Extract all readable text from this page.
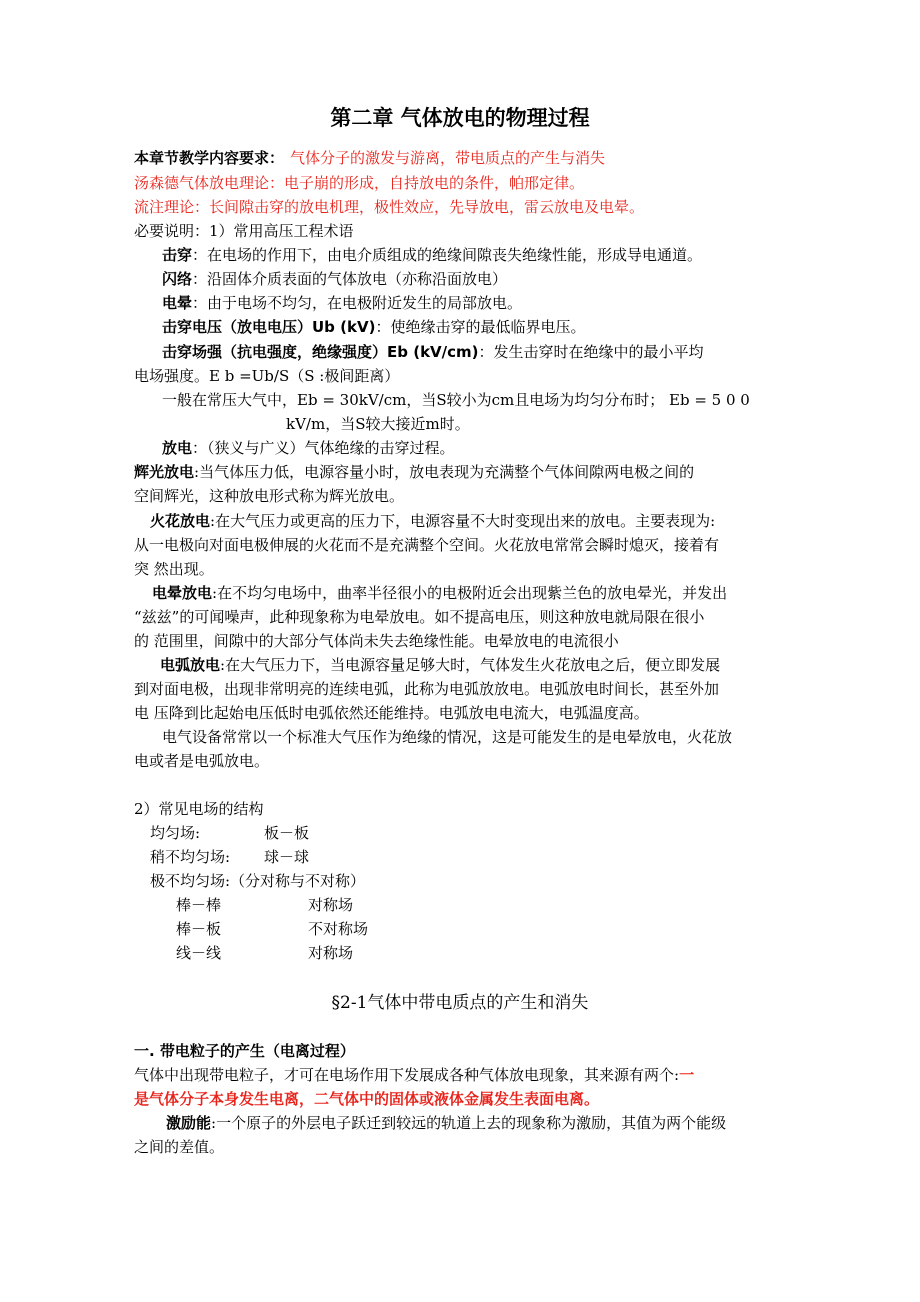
第二章 气体放电的物理过程
本章节教学内容要求： 气体分子的激发与游离，带电质点的产生与消失
汤森德气体放电理论：电子崩的形成，自持放电的条件，帕邢定律。
流注理论：长间隙击穿的放电机理，极性效应，先导放电，雷云放电及电晕。
必要说明：1）常用高压工程术语
击穿：在电场的作用下，由电介质组成的绝缘间隙丧失绝缘性能，形成导电通道。
闪络：沿固体介质表面的气体放电（亦称沿面放电）
电晕：由于电场不均匀，在电极附近发生的局部放电。
击穿电压（放电电压）Ub (kV)：使绝缘击穿的最低临界电压。
击穿场强（抗电强度，绝缘强度）Eb (kV/cm)：发生击穿时在绝缘中的最小平均
电场强度。E b =Ub/S（S :极间距离）
一般在常压大气中，Eb = 30kV/cm，当S较小为cm且电场为均匀分布时； Eb = 5 0 0
kV/m，当S较大接近m时。
放电：（狭义与广义）气体绝缘的击穿过程。
辉光放电:当气体压力低，电源容量小时，放电表现为充满整个气体间隙两电极之间的
空间辉光，这种放电形式称为辉光放电。
火花放电:在大气压力或更高的压力下，电源容量不大时变现出来的放电。主要表现为:
从一电极向对面电极伸展的火花而不是充满整个空间。火花放电常常会瞬时熄灭，接着有
突 然出现。
电晕放电:在不均匀电场中，曲率半径很小的电极附近会出现紫兰色的放电晕光，并发出
“兹兹”的可闻噪声，此种现象称为电晕放电。如不提高电压，则这种放电就局限在很小
的 范围里，间隙中的大部分气体尚未失去绝缘性能。电晕放电的电流很小
电弧放电:在大气压力下，当电源容量足够大时，气体发生火花放电之后，便立即发展
到对面电极，出现非常明亮的连续电弧，此称为电弧放放电。电弧放电时间长，甚至外加
电 压降到比起始电压低时电弧依然还能维持。电弧放电电流大，电弧温度高。
电气设备常常以一个标准大气压作为绝缘的情况，这是可能发生的是电晕放电，火花放
电或者是电弧放电。
2）常见电场的结构
均匀场:	板－板
稍不均匀场: 球－球
极不均匀场:（分对称与不对称）
棒－棒	对称场
棒－板	不对称场
线－线	对称场
§2-1气体中带电质点的产生和消失
一. 带电粒子的产生（电离过程）
气体中出现带电粒子，才可在电场作用下发展成各种气体放电现象，其来源有两个:一
是气体分子本身发生电离，二气体中的固体或液体金属发生表面电离。
激励能:一个原子的外层电子跃迁到较远的轨道上去的现象称为激励，其值为两个能级
之间的差值。
